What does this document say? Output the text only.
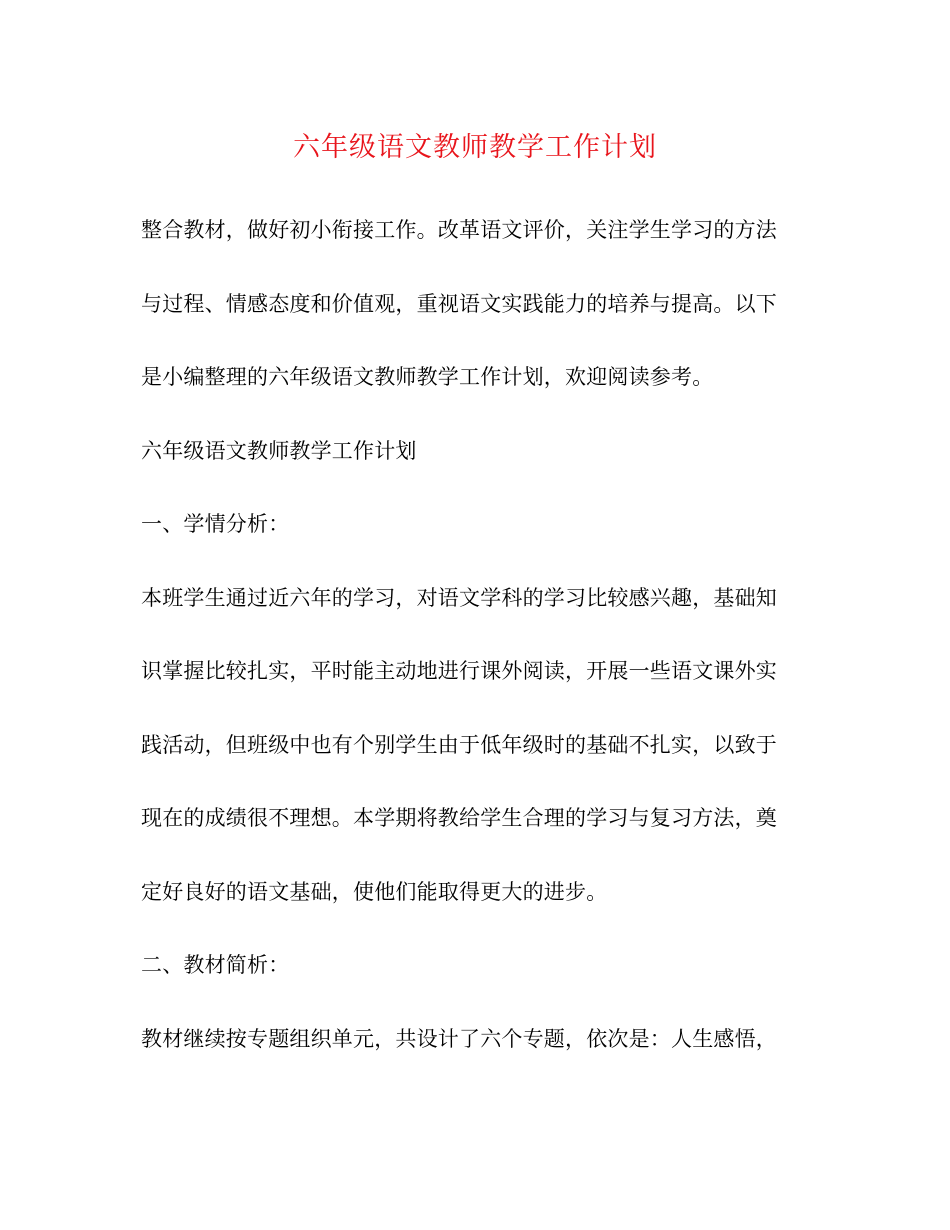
六年级语文教师教学工作计划
整合教材，做好初小衔接工作。改革语文评价，关注学生学习的方法
与过程、情感态度和价值观，重视语文实践能力的培养与提高。以下
是小编整理的六年级语文教师教学工作计划，欢迎阅读参考。
六年级语文教师教学工作计划
一、学情分析：
本班学生通过近六年的学习，对语文学科的学习比较感兴趣，基础知
识掌握比较扎实，平时能主动地进行课外阅读，开展一些语文课外实
践活动，但班级中也有个别学生由于低年级时的基础不扎实，以致于
现在的成绩很不理想。本学期将教给学生合理的学习与复习方法，奠
定好良好的语文基础，使他们能取得更大的进步。
二、教材简析：
教材继续按专题组织单元，共设计了六个专题，依次是：人生感悟，
